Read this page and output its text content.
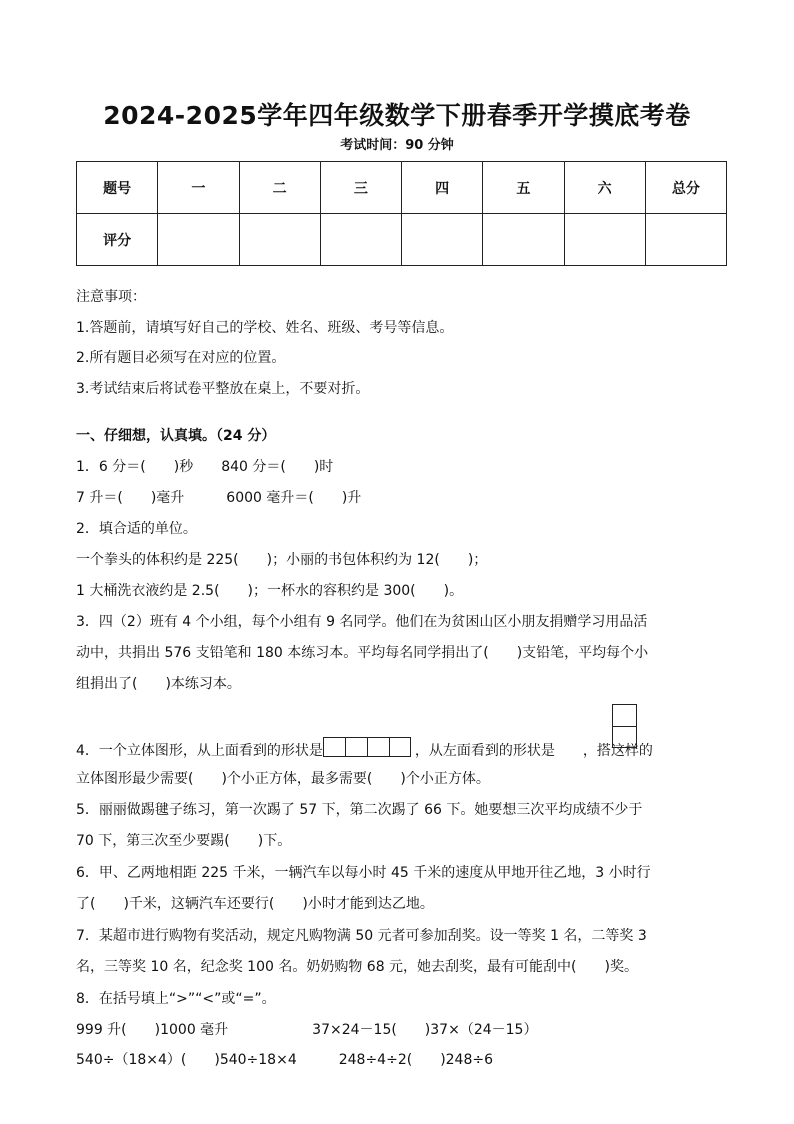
2024-2025学年四年级数学下册春季开学摸底考卷
考试时间：90 分钟
题号	一	二	三	四	五	六	总分
评分							
注意事项：
1.答题前，请填写好自己的学校、姓名、班级、考号等信息。
2.所有题目必须写在对应的位置。
3.考试结束后将试卷平整放在桌上，不要对折。
一、仔细想，认真填。（24 分）
1．6 分＝(　　)秒　　840 分＝(　　)时
7 升＝(　　)毫升　　　6000 毫升＝(　　)升
2．填合适的单位。
一个拳头的体积约是 225(　　)；小丽的书包体积约为 12(　　)；
1 大桶洗衣液约是 2.5(　　)；一杯水的容积约是 300(　　)。
3．四（2）班有 4 个小组，每个小组有 9 名同学。他们在为贫困山区小朋友捐赠学习用品活
动中，共捐出 576 支铅笔和 180 本练习本。平均每名同学捐出了(　　)支铅笔，平均每个小
组捐出了(　　)本练习本。
4．一个立体图形，从上面看到的形状是	，从左面看到的形状是 ，搭这样的
立体图形最少需要(　　)个小正方体，最多需要(　　)个小正方体。
5．丽丽做踢毽子练习，第一次踢了 57 下，第二次踢了 66 下。她要想三次平均成绩不少于
70 下，第三次至少要踢(　　)下。
6．甲、乙两地相距 225 千米，一辆汽车以每小时 45 千米的速度从甲地开往乙地，3 小时行
了(　　)千米，这辆汽车还要行(　　)小时才能到达乙地。
7．某超市进行购物有奖活动，规定凡购物满 50 元者可参加刮奖。设一等奖 1 名，二等奖 3
名，三等奖 10 名，纪念奖 100 名。奶奶购物 68 元，她去刮奖，最有可能刮中(　　)奖。
8．在括号填上“>”“<”或“=”。
999 升(　　)1000 毫升　　　　　　37×24－15(　　)37×（24－15）
540÷（18×4）(　　)540÷18×4　　　248÷4÷2(　　)248÷6
